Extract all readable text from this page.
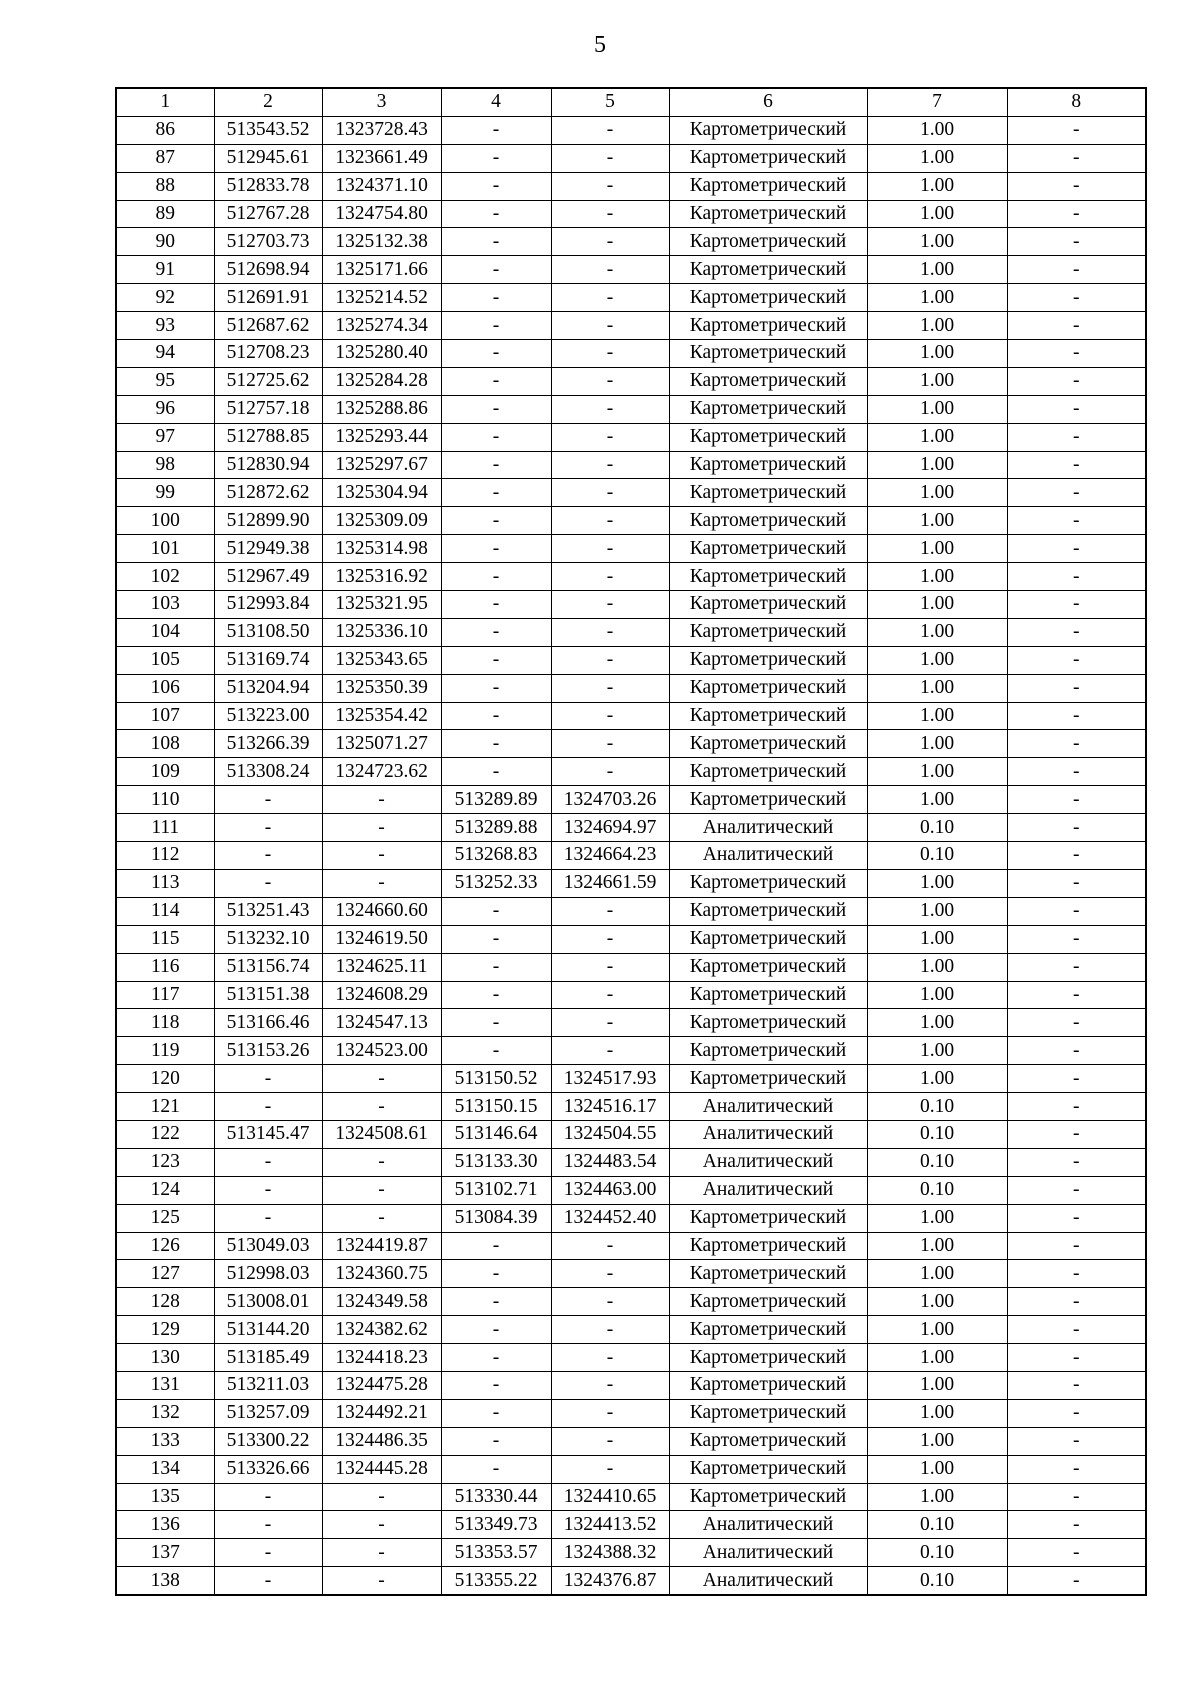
5
1	2	3	4	5	6	7	8
86	513543.52	1323728.43	-	-	Картометрический	1.00	-
87	512945.61	1323661.49	-	-	Картометрический	1.00	-
88	512833.78	1324371.10	-	-	Картометрический	1.00	-
89	512767.28	1324754.80	-	-	Картометрический	1.00	-
90	512703.73	1325132.38	-	-	Картометрический	1.00	-
91	512698.94	1325171.66	-	-	Картометрический	1.00	-
92	512691.91	1325214.52	-	-	Картометрический	1.00	-
93	512687.62	1325274.34	-	-	Картометрический	1.00	-
94	512708.23	1325280.40	-	-	Картометрический	1.00	-
95	512725.62	1325284.28	-	-	Картометрический	1.00	-
96	512757.18	1325288.86	-	-	Картометрический	1.00	-
97	512788.85	1325293.44	-	-	Картометрический	1.00	-
98	512830.94	1325297.67	-	-	Картометрический	1.00	-
99	512872.62	1325304.94	-	-	Картометрический	1.00	-
100	512899.90	1325309.09	-	-	Картометрический	1.00	-
101	512949.38	1325314.98	-	-	Картометрический	1.00	-
102	512967.49	1325316.92	-	-	Картометрический	1.00	-
103	512993.84	1325321.95	-	-	Картометрический	1.00	-
104	513108.50	1325336.10	-	-	Картометрический	1.00	-
105	513169.74	1325343.65	-	-	Картометрический	1.00	-
106	513204.94	1325350.39	-	-	Картометрический	1.00	-
107	513223.00	1325354.42	-	-	Картометрический	1.00	-
108	513266.39	1325071.27	-	-	Картометрический	1.00	-
109	513308.24	1324723.62	-	-	Картометрический	1.00	-
110	-	-	513289.89	1324703.26	Картометрический	1.00	-
111	-	-	513289.88	1324694.97	Аналитический	0.10	-
112	-	-	513268.83	1324664.23	Аналитический	0.10	-
113	-	-	513252.33	1324661.59	Картометрический	1.00	-
114	513251.43	1324660.60	-	-	Картометрический	1.00	-
115	513232.10	1324619.50	-	-	Картометрический	1.00	-
116	513156.74	1324625.11	-	-	Картометрический	1.00	-
117	513151.38	1324608.29	-	-	Картометрический	1.00	-
118	513166.46	1324547.13	-	-	Картометрический	1.00	-
119	513153.26	1324523.00	-	-	Картометрический	1.00	-
120	-	-	513150.52	1324517.93	Картометрический	1.00	-
121	-	-	513150.15	1324516.17	Аналитический	0.10	-
122	513145.47	1324508.61	513146.64	1324504.55	Аналитический	0.10	-
123	-	-	513133.30	1324483.54	Аналитический	0.10	-
124	-	-	513102.71	1324463.00	Аналитический	0.10	-
125	-	-	513084.39	1324452.40	Картометрический	1.00	-
126	513049.03	1324419.87	-	-	Картометрический	1.00	-
127	512998.03	1324360.75	-	-	Картометрический	1.00	-
128	513008.01	1324349.58	-	-	Картометрический	1.00	-
129	513144.20	1324382.62	-	-	Картометрический	1.00	-
130	513185.49	1324418.23	-	-	Картометрический	1.00	-
131	513211.03	1324475.28	-	-	Картометрический	1.00	-
132	513257.09	1324492.21	-	-	Картометрический	1.00	-
133	513300.22	1324486.35	-	-	Картометрический	1.00	-
134	513326.66	1324445.28	-	-	Картометрический	1.00	-
135	-	-	513330.44	1324410.65	Картометрический	1.00	-
136	-	-	513349.73	1324413.52	Аналитический	0.10	-
137	-	-	513353.57	1324388.32	Аналитический	0.10	-
138	-	-	513355.22	1324376.87	Аналитический	0.10	-
